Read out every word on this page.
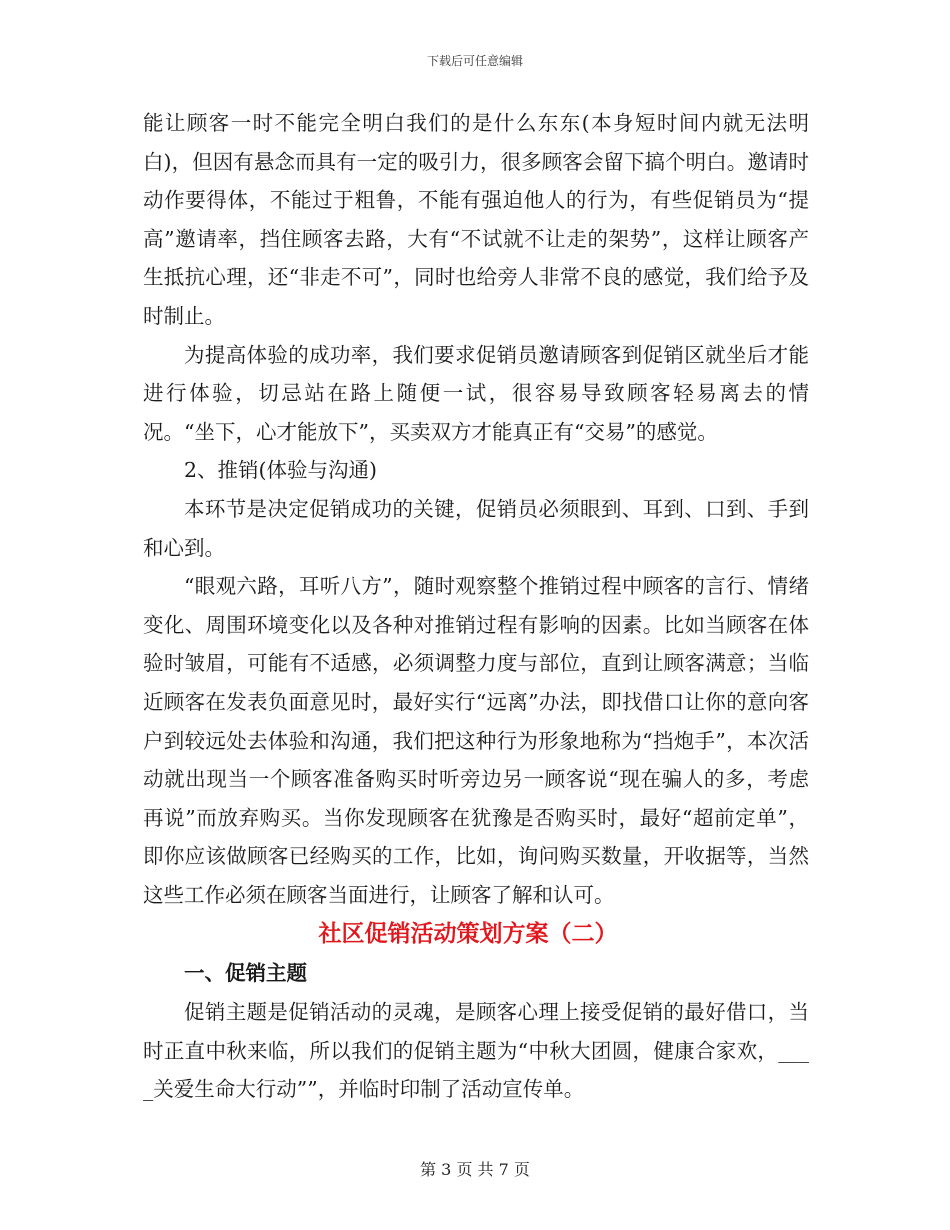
下载后可任意编辑

能让顾客一时不能完全明白我们的是什么东东(本身短时间内就无法明白)，但因有悬念而具有一定的吸引力，很多顾客会留下搞个明白。邀请时动作要得体，不能过于粗鲁，不能有强迫他人的行为，有些促销员为“提高”邀请率，挡住顾客去路，大有“不试就不让走的架势”，这样让顾客产生抵抗心理，还“非走不可”，同时也给旁人非常不良的感觉，我们给予及时制止。

为提高体验的成功率，我们要求促销员邀请顾客到促销区就坐后才能进行体验，切忌站在路上随便一试，很容易导致顾客轻易离去的情况。“坐下，心才能放下”，买卖双方才能真正有“交易”的感觉。

2、推销(体验与沟通)

本环节是决定促销成功的关键，促销员必须眼到、耳到、口到、手到和心到。

“眼观六路，耳听八方”，随时观察整个推销过程中顾客的言行、情绪变化、周围环境变化以及各种对推销过程有影响的因素。比如当顾客在体验时皱眉，可能有不适感，必须调整力度与部位，直到让顾客满意；当临近顾客在发表负面意见时，最好实行“远离”办法，即找借口让你的意向客户到较远处去体验和沟通，我们把这种行为形象地称为“挡炮手”，本次活动就出现当一个顾客准备购买时听旁边另一顾客说“现在骗人的多，考虑再说”而放弃购买。当你发现顾客在犹豫是否购买时，最好“超前定单”，即你应该做顾客已经购买的工作，比如，询问购买数量，开收据等，当然这些工作必须在顾客当面进行，让顾客了解和认可。

社区促销活动策划方案（二）

一、促销主题

促销主题是促销活动的灵魂，是顾客心理上接受促销的最好借口，当时正直中秋来临，所以我们的促销主题为“中秋大团圆，健康合家欢，____关爱生命大行动””，并临时印制了活动宣传单。

第 3 页 共 7 页
